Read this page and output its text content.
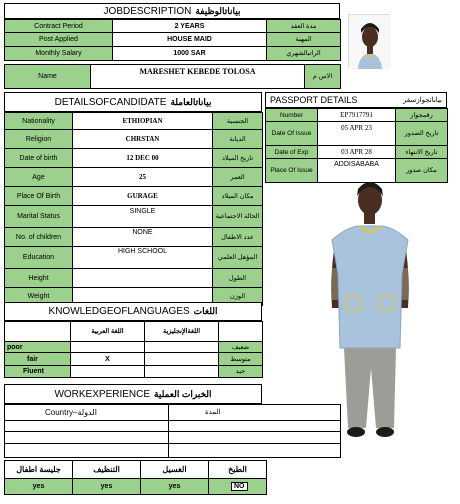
JOBDESCRIPTION بياناتالوظيفة
Contract Period	2 YEARS	مدة العقد
Post Applied	HOUSE MAID	المهنة
Monthly Salary	1000 SAR	الراتبالشهري
Name	MARESHET KEBEDE TOLOSA	الاس م
DETAILSOFCANDIDATE بياناتالعاملة
Nationality	ETHIOPIAN	الجنسية
Religion	CHRSTAN	الديانة
Date of birth	12 DEC 00	تاريخ الميلاد
Age	25	العمر
Place Of Birth	GURAGE	مكان الميلاد
Marital Status	SINGLE	الحالة الاجتماعية
No. of children	NONE	عدد الاطفال
Education	HIGH SCHOOL	المؤهل العلمي
Height		الطول
Weight		الوزن
PASSPORT DETAILS	بياناتجوازسفر
Number	EP7917791	رقمجواز
Date Of Issue	05 APR 23	تاريخ الصدور
Date of Exp	03 APR 28	تاريخ الانتهاء
Place Of Issue	ADDISABABA	مكان صدور
KNOWLEDGEOFLANGUAGES اللغات
	اللغة العربية	اللغةالإنجليزية	
poor			ضعيف
fair	X		متوسط
Fluent			جيد
WORKEXPERIENCE الخبرات العملية
Country–الدولة	المدة

جليسة اطفال	التنظيف	الغسيل	الطبخ
yes	yes	yes	NO
